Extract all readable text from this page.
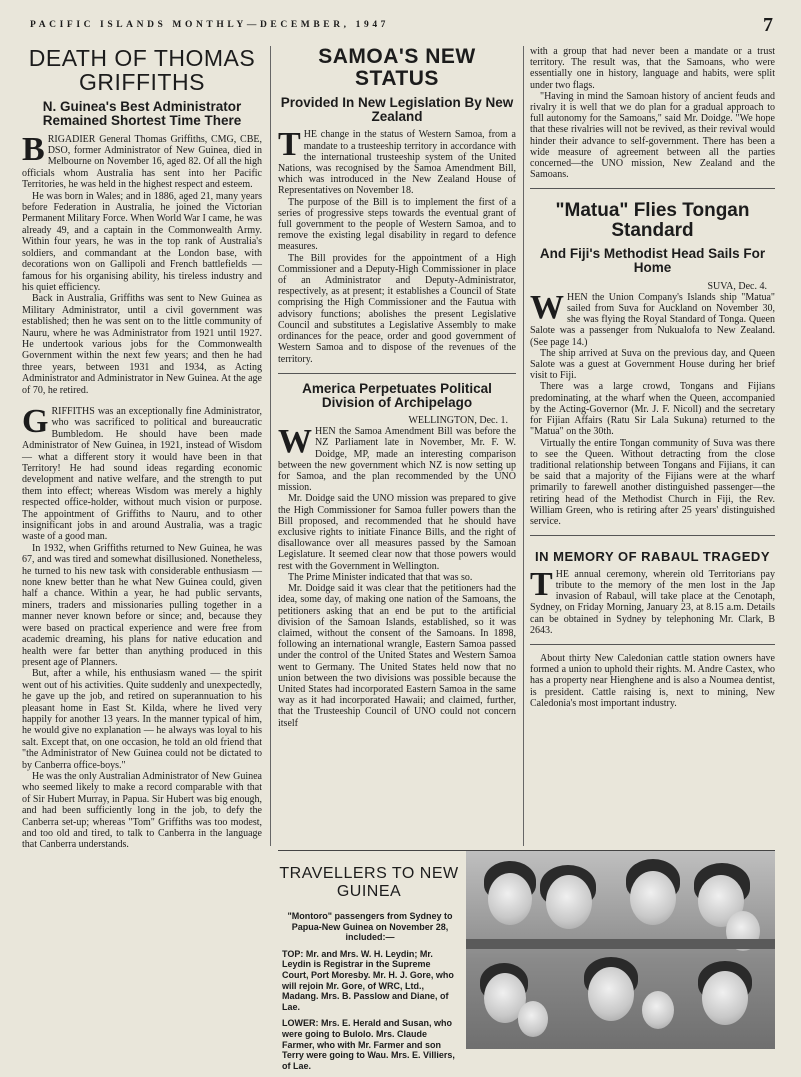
PACIFIC ISLANDS MONTHLY—DECEMBER, 1947	7
DEATH OF THOMAS GRIFFITHS
N. Guinea's Best Administrator Remained Shortest Time There

BRIGADIER General Thomas Griffiths, CMG, CBE, DSO, former Administrator of New Guinea, died in Melbourne on November 16, aged 82. Of all the high officials whom Australia has sent into her Pacific Territories, he was held in the highest respect and esteem.

He was born in Wales; and in 1886, aged 21, many years before Federation in Australia, he joined the Victorian Permanent Military Force. When World War I came, he was already 49, and a captain in the Commonwealth Army. Within four years, he was in the top rank of Australia's soldiers, and commandant at the London base, with decorations won on Gallipoli and French battlefields — famous for his organising ability, his tireless industry and his quiet efficiency.

Back in Australia, Griffiths was sent to New Guinea as Military Administrator, until a civil government was established; then he was sent on to the little community of Nauru, where he was Administrator from 1921 until 1927. He undertook various jobs for the Commonwealth Government within the next few years; and then he had three years, between 1931 and 1934, as Acting Administrator and Administrator in New Guinea. At the age of 70, he retired.

GRIFFITHS was an exceptionally fine Administrator, who was sacrificed to political and bureaucratic Bumbledom. He should have been made Administrator of New Guinea, in 1921, instead of Wisdom — what a different story it would have been in that Territory! He had sound ideas regarding economic development and native welfare, and the strength to put them into effect; whereas Wisdom was merely a highly respected office-holder, without much vision or purpose. The appointment of Griffiths to Nauru, and to other insignificant jobs in and around Australia, was a tragic waste of a good man.

In 1932, when Griffiths returned to New Guinea, he was 67, and was tired and somewhat disillusioned. Nonetheless, he turned to his new task with considerable enthusiasm — none knew better than he what New Guinea could, given half a chance. Within a year, he had public servants, miners, traders and missionaries pulling together in a manner never known before or since; and, because they were based on practical experience and were free from academic dreaming, his plans for native education and health were far better than anything produced in this present age of Planners.

But, after a while, his enthusiasm waned — the spirit went out of his activities. Quite suddenly and unexpectedly, he gave up the job, and retired on superannuation to his pleasant home in East St. Kilda, where he lived very happily for another 13 years. In the manner typical of him, he would give no explanation — he always was loyal to his salt. Except that, on one occasion, he told an old friend that "the Administrator of New Guinea could not be dictated to by Canberra office-boys."

He was the only Australian Administrator of New Guinea who seemed likely to make a record comparable with that of Sir Hubert Murray, in Papua. Sir Hubert was big enough, and had been sufficiently long in the job, to defy the Canberra set-up; whereas "Tom" Griffiths was too modest, and too old and tired, to talk to Canberra in the language that Canberra understands.

SAMOA'S NEW STATUS
Provided In New Legislation By New Zealand

THE change in the status of Western Samoa, from a mandate to a trusteeship territory in accordance with the international trusteeship system of the United Nations, was recognised by the Samoa Amendment Bill, which was introduced in the New Zealand House of Representatives on November 18.

The purpose of the Bill is to implement the first of a series of progressive steps towards the eventual grant of full government to the people of Western Samoa, and to remove the existing legal disability in regard to defence measures.

The Bill provides for the appointment of a High Commissioner and a Deputy-High Commissioner in place of an Administrator and Deputy-Administrator, respectively, as at present; it establishes a Council of State comprising the High Commissioner and the Fautua with advisory functions; abolishes the present Legislative Council and substitutes a Legislative Assembly to make ordinances for the peace, order and good government of Western Samoa and to dispose of the revenues of the territory.

America Perpetuates Political Division of Archipelago
WELLINGTON, Dec. 1.

WHEN the Samoa Amendment Bill was before the NZ Parliament late in November, Mr. F. W. Doidge, MP, made an interesting comparison between the new government which NZ is now setting up for Samoa, and the plan recommended by the UNO mission.

Mr. Doidge said the UNO mission was prepared to give the High Commissioner for Samoa fuller powers than the Bill proposed, and recommended that he should have exclusive rights to initiate Finance Bills, and the right of disallowance over all measures passed by the Samoan Legislature. It seemed clear now that those powers would rest with the Government in Wellington.

The Prime Minister indicated that that was so.

Mr. Doidge said it was clear that the petitioners had the idea, some day, of making one nation of the Samoans, the petitioners asking that an end be put to the artificial division of the Samoan Islands, established, so it was claimed, without the consent of the Samoans. In 1898, following an international wrangle, Eastern Samoa passed under the control of the United States and Western Samoa went to Germany. The United States held now that no union between the two divisions was possible because the United States had incorporated Eastern Samoa in the same way as it had incorporated Hawaii; and claimed, further, that the Trusteeship Council of UNO could not concern itself

with a group that had never been a mandate or a trust territory. The result was, that the Samoans, who were essentially one in history, language and habits, were split under two flags.

"Having in mind the Samoan history of ancient feuds and rivalry it is well that we do plan for a gradual approach to full autonomy for the Samoans," said Mr. Doidge. "We hope that these rivalries will not be revived, as their revival would hinder their advance to self-government. There has been a wide measure of agreement between all the parties concerned—the UNO mission, New Zealand and the Samoans.

"Matua" Flies Tongan Standard
And Fiji's Methodist Head Sails For Home
SUVA, Dec. 4.

WHEN the Union Company's Islands ship "Matua" sailed from Suva for Auckland on November 30, she was flying the Royal Standard of Tonga. Queen Salote was a passenger from Nukualofa to New Zealand. (See page 14.)

The ship arrived at Suva on the previous day, and Queen Salote was a guest at Government House during her brief visit to Fiji.

There was a large crowd, Tongans and Fijians predominating, at the wharf when the Queen, accompanied by the Acting-Governor (Mr. J. F. Nicoll) and the secretary for Fijian Affairs (Ratu Sir Lala Sukuna) returned to the "Matua" on the 30th.

Virtually the entire Tongan community of Suva was there to see the Queen. Without detracting from the close traditional relationship between Tongans and Fijians, it can be said that a majority of the Fijians were at the wharf primarily to farewell another distinguished passenger—the retiring head of the Methodist Church in Fiji, the Rev. William Green, who is retiring after 25 years' distinguished service.

IN MEMORY OF RABAUL TRAGEDY

THE annual ceremony, wherein old Territorians pay tribute to the memory of the men lost in the Jap invasion of Rabaul, will take place at the Cenotaph, Sydney, on Friday Morning, January 23, at 8.15 a.m. Details can be obtained in Sydney by telephoning Mr. Clark, B 2643.

About thirty New Caledonian cattle station owners have formed a union to uphold their rights. M. Andre Castex, who has a property near Hienghene and is also a Noumea dentist, is president. Cattle raising is, next to mining, New Caledonia's most important industry.

TRAVELLERS TO NEW GUINEA

"Montoro" passengers from Sydney to Papua-New Guinea on November 28, included:—

TOP: Mr. and Mrs. W. H. Leydin; Mr. Leydin is Registrar in the Supreme Court, Port Moresby. Mr. H. J. Gore, who will rejoin Mr. Gore, of WRC, Ltd., Madang. Mrs. B. Passlow and Diane, of Lae.

LOWER: Mrs. E. Herald and Susan, who were going to Bulolo. Mrs. Claude Farmer, who with Mr. Farmer and son Terry were going to Wau. Mrs. E. Villiers, of Lae.
